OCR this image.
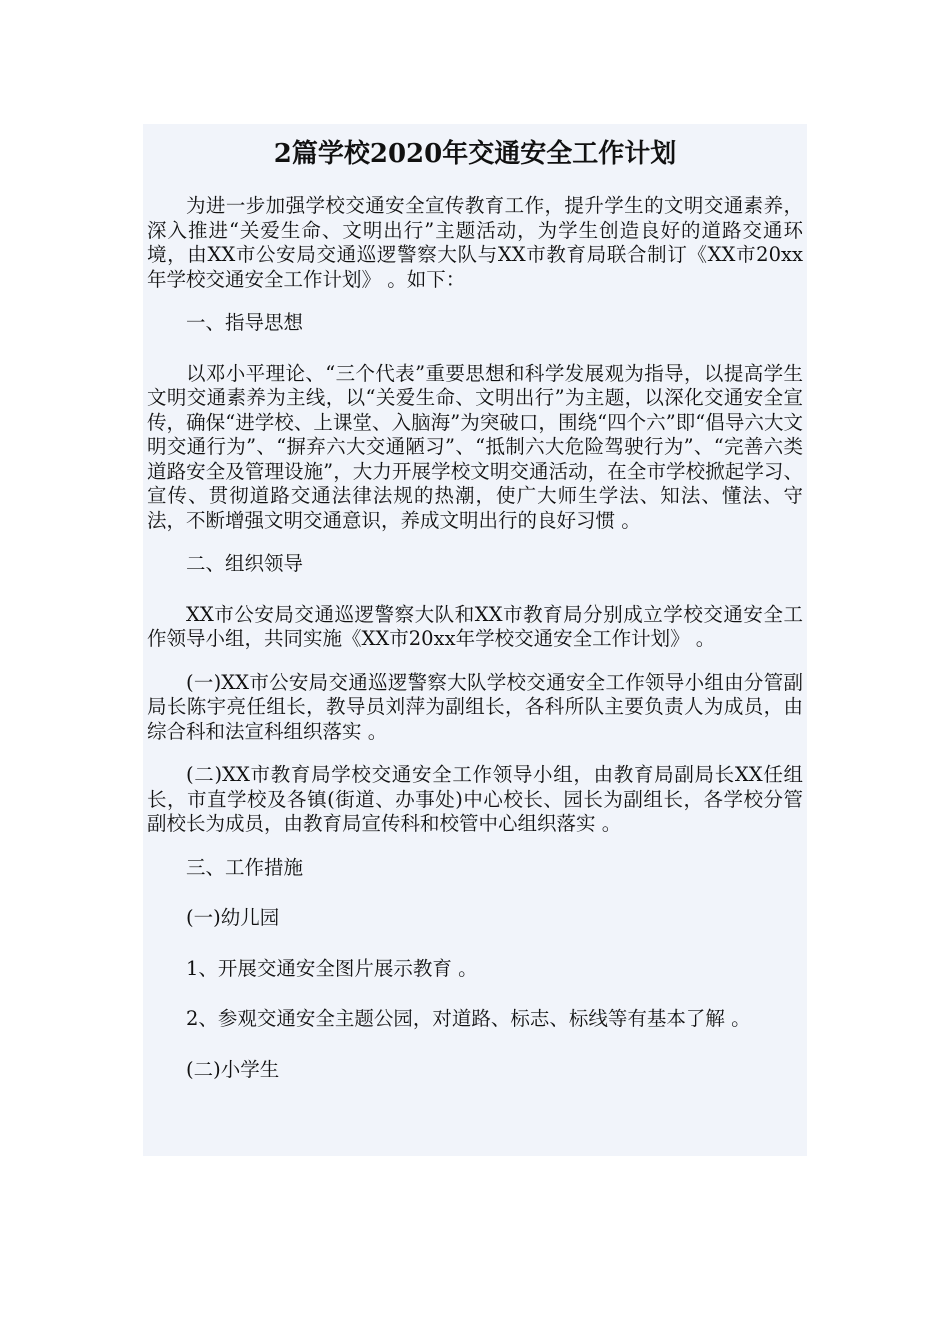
2篇学校2020年交通安全工作计划

为进一步加强学校交通安全宣传教育工作，提升学生的文明交通素养，深入推进“关爱生命、文明出行”主题活动，为学生创造良好的道路交通环境，由XX市公安局交通巡逻警察大队与XX市教育局联合制订《XX市20xx年学校交通安全工作计划》 。如下：

一、指导思想

以邓小平理论、“三个代表”重要思想和科学发展观为指导，以提高学生文明交通素养为主线，以“关爱生命、文明出行”为主题，以深化交通安全宣传，确保“进学校、上课堂、入脑海”为突破口，围绕“四个六”即“倡导六大文明交通行为”、“摒弃六大交通陋习”、“抵制六大危险驾驶行为”、“完善六类道路安全及管理设施”，大力开展学校文明交通活动，在全市学校掀起学习、宣传、贯彻道路交通法律法规的热潮，使广大师生学法、知法、懂法、守法，不断增强文明交通意识，养成文明出行的良好习惯 。

二、组织领导

XX市公安局交通巡逻警察大队和XX市教育局分别成立学校交通安全工作领导小组，共同实施《XX市20xx年学校交通安全工作计划》 。

(一)XX市公安局交通巡逻警察大队学校交通安全工作领导小组由分管副局长陈宇亮任组长，教导员刘萍为副组长，各科所队主要负责人为成员，由综合科和法宣科组织落实 。

(二)XX市教育局学校交通安全工作领导小组，由教育局副局长XX任组长，市直学校及各镇(街道、办事处)中心校长、园长为副组长，各学校分管副校长为成员，由教育局宣传科和校管中心组织落实 。

三、工作措施

(一)幼儿园

1、开展交通安全图片展示教育 。

2、参观交通安全主题公园，对道路、标志、标线等有基本了解 。

(二)小学生
